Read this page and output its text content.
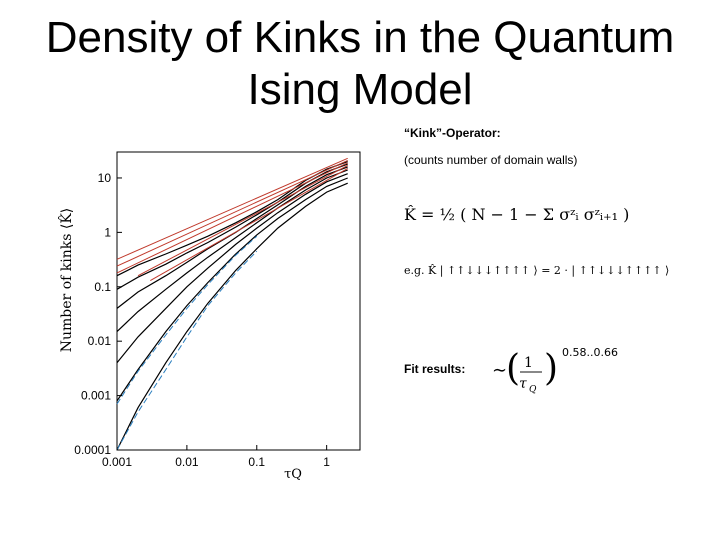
Density of Kinks in the Quantum
Ising Model
0.001	0.01	0.1	1
0.0001
0.001
0.01
0.1
1
10
Number of kinks ⟨K̂⟩
τQ
“Kink”-Operator:
(counts number of domain walls)
K̂ = ½ ( N − 1 − Σ σᶻᵢ σᶻᵢ₊₁ )
e.g. K̂ | ↑↑↓↓↓↑↑↑↑ ⟩ = 2 · | ↑↑↓↓↓↑↑↑↑ ⟩
Fit results: ∼
( 1
τ Q
) 0.58..0.66
